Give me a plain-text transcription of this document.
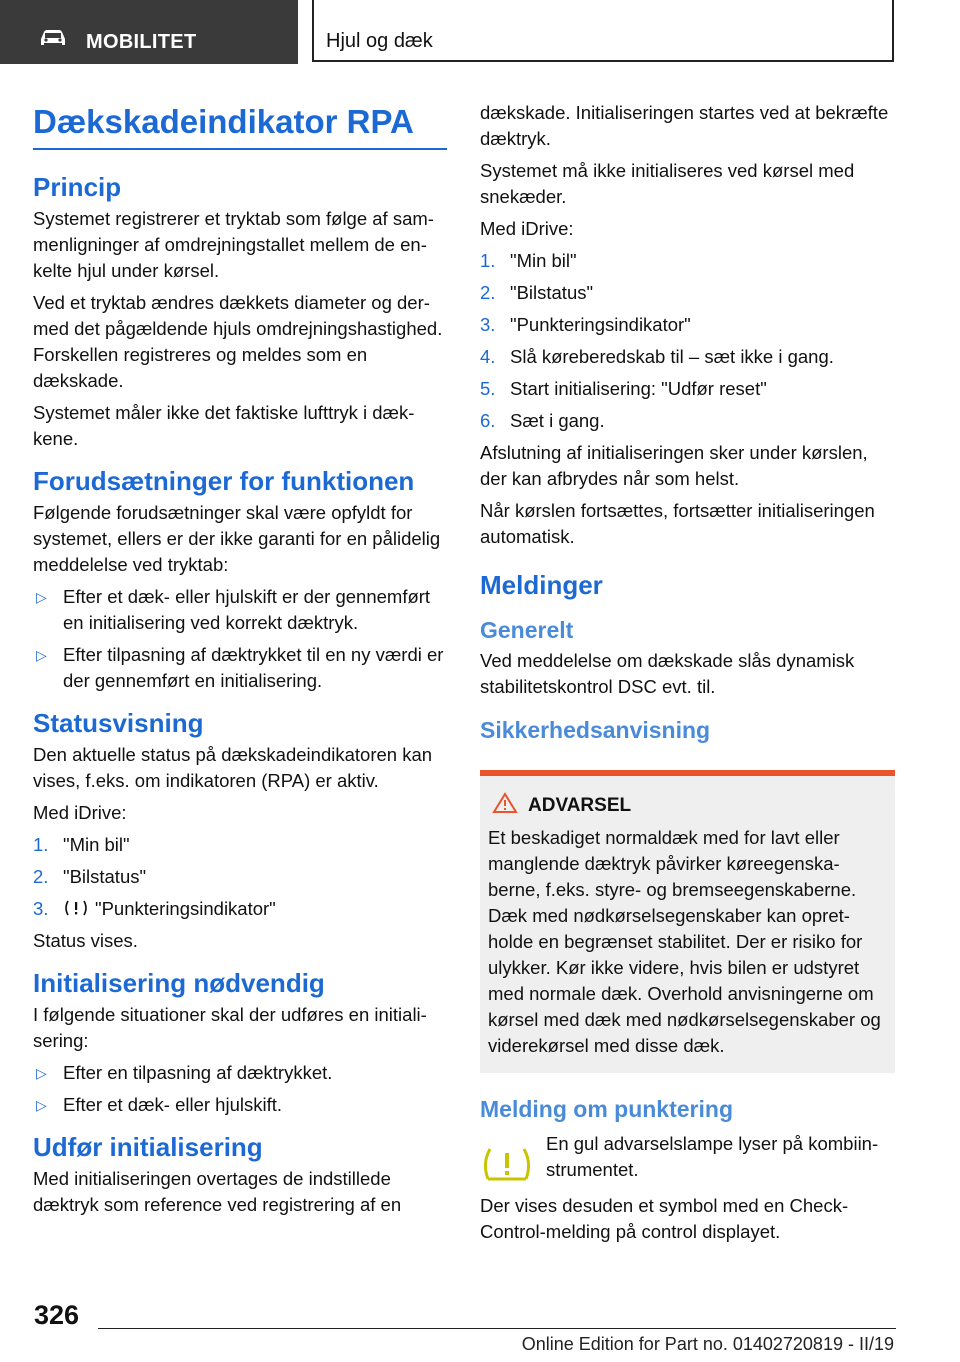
MOBILITET	Hjul og dæk
Dækskadeindikator RPA
Princip

Systemet registrerer et tryktab som følge af sammenligninger af omdrejningstallet mellem de enkelte hjul under kørsel.

Ved et tryktab ændres dækkets diameter og dermed det pågældende hjuls omdrejningshastighed. Forskellen registreres og meldes som en dækskade.

Systemet måler ikke det faktiske lufttryk i dækkene.

Forudsætninger for funktionen

Følgende forudsætninger skal være opfyldt for systemet, ellers er der ikke garanti for en pålidelig meddelelse ved tryktab:

▷ Efter et dæk- eller hjulskift er der gennemført en initialisering ved korrekt dæktryk.
▷ Efter tilpasning af dæktrykket til en ny værdi er der gennemført en initialisering.
Statusvisning

Den aktuelle status på dækskadeindikatoren kan vises, f.eks. om indikatoren (RPA) er aktiv.

Med iDrive:

1. "Min bil"
2. "Bilstatus"
3.	"Punkteringsindikator"

Status vises.

Initialisering nødvendig

I følgende situationer skal der udføres en initialisering:

▷ Efter en tilpasning af dæktrykket.
▷ Efter et dæk- eller hjulskift.
Udfør initialisering

Med initialiseringen overtages de indstillede dæktryk som reference ved registrering af en

dækskade. Initialiseringen startes ved at bekræfte dæktryk.

Systemet må ikke initialiseres ved kørsel med snekæder.

Med iDrive:

1. "Min bil"
2. "Bilstatus"
3. "Punkteringsindikator"
4. Slå køreberedskab til – sæt ikke i gang.
5. Start initialisering: "Udfør reset"
6. Sæt i gang.

Afslutning af initialiseringen sker under kørslen, der kan afbrydes når som helst.

Når kørslen fortsættes, fortsætter initialiseringen automatisk.

Meldinger
Generelt

Ved meddelelse om dækskade slås dynamisk stabilitetskontrol DSC evt. til.

Sikkerhedsanvisning
ADVARSEL

Et beskadiget normaldæk med for lavt eller manglende dæktryk påvirker køreegenskaberne, f.eks. styre- og bremseegenskaberne. Dæk med nødkørselsegenskaber kan opretholde en begrænset stabilitet. Der er risiko for ulykker. Kør ikke videre, hvis bilen er udstyret med normale dæk. Overhold anvisningerne om kørsel med dæk med nødkørselsegenskaber og viderekørsel med disse dæk.

Melding om punktering

En gul advarselslampe lyser på kombiinstrumentet.

Der vises desuden et symbol med en Check-Control-melding på control displayet.

326
Online Edition for Part no. 01402720819 - II/19
